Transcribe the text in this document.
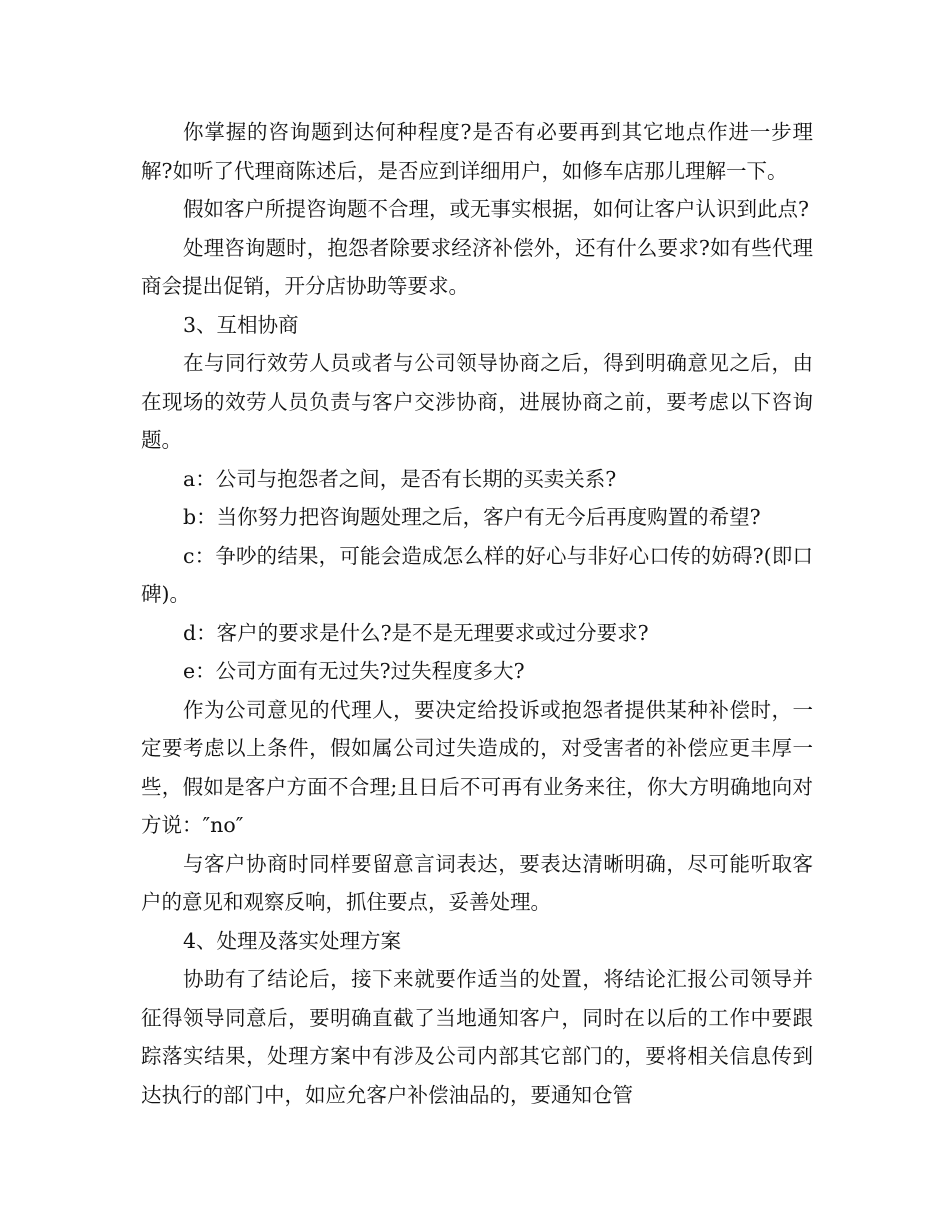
你掌握的咨询题到达何种程度?是否有必要再到其它地点作进一步理解?如听了代理商陈述后，是否应到详细用户，如修车店那儿理解一下。

假如客户所提咨询题不合理，或无事实根据，如何让客户认识到此点?

处理咨询题时，抱怨者除要求经济补偿外，还有什么要求?如有些代理商会提出促销，开分店协助等要求。

3、互相协商

在与同行效劳人员或者与公司领导协商之后，得到明确意见之后，由在现场的效劳人员负责与客户交涉协商，进展协商之前，要考虑以下咨询题。

a：公司与抱怨者之间，是否有长期的买卖关系?

b：当你努力把咨询题处理之后，客户有无今后再度购置的希望?

c：争吵的结果，可能会造成怎么样的好心与非好心口传的妨碍?(即口碑)。

d：客户的要求是什么?是不是无理要求或过分要求?

e：公司方面有无过失?过失程度多大?

作为公司意见的代理人，要决定给投诉或抱怨者提供某种补偿时，一定要考虑以上条件，假如属公司过失造成的，对受害者的补偿应更丰厚一些，假如是客户方面不合理;且日后不可再有业务来往，你大方明确地向对方说：″no″

与客户协商时同样要留意言词表达，要表达清晰明确，尽可能听取客户的意见和观察反响，抓住要点，妥善处理。

4、处理及落实处理方案

协助有了结论后，接下来就要作适当的处置，将结论汇报公司领导并征得领导同意后，要明确直截了当地通知客户，同时在以后的工作中要跟踪落实结果，处理方案中有涉及公司内部其它部门的，要将相关信息传到达执行的部门中，如应允客户补偿油品的，要通知仓管
